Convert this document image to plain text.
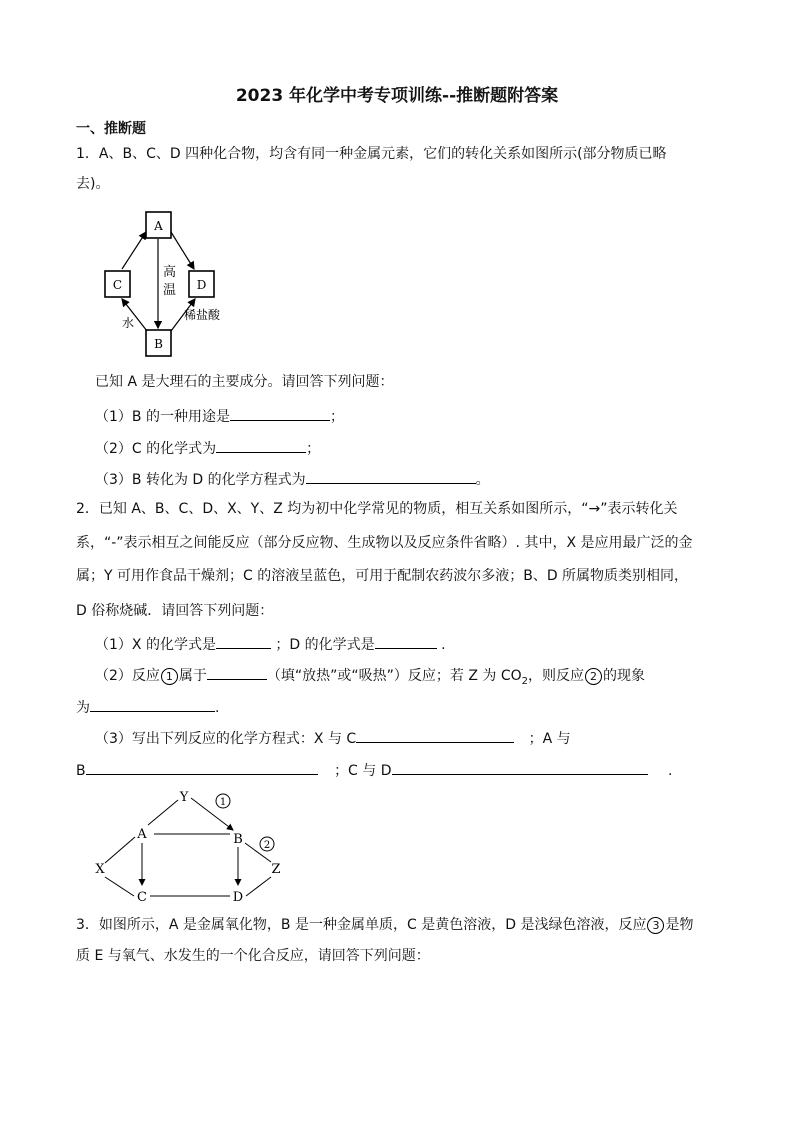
2023 年化学中考专项训练--推断题附答案
一、推断题
1．A、B、C、D 四种化合物，均含有同一种金属元素，它们的转化关系如图所示(部分物质已略
去)。
A
C	D
B
高
温
水
稀盐酸
已知 A 是大理石的主要成分。请回答下列问题：
（1）B 的一种用途是	；
（2）C 的化学式为	；
（3）B 转化为 D 的化学方程式为	。
2．已知 A、B、C、D、X、Y、Z 均为初中化学常见的物质，相互关系如图所示，“→”表示转化关
系，“-”表示相互之间能反应（部分反应物、生成物以及反应条件省略）. 其中，X 是应用最广泛的金
属；Y 可用作食品干燥剂；C 的溶液呈蓝色，可用于配制农药波尔多液；B、D 所属物质类别相同，
D 俗称烧碱．请回答下列问题：
（1）X 的化学式是	；D 的化学式是	.
（2）反应 1 属于	（填“放热”或“吸热”）反应；若 Z 为 $CO_2$，则反应 2 的现象
为	.
（3）写出下列反应的化学方程式：X 与 C	；A 与
B	；C 与 D	.
Y
A	B
X	Z
C	D
1
2
3．如图所示，A 是金属氧化物，B 是一种金属单质，C 是黄色溶液，D 是浅绿色溶液，反应 3 是物
质 E 与氧气、水发生的一个化合反应，请回答下列问题：
